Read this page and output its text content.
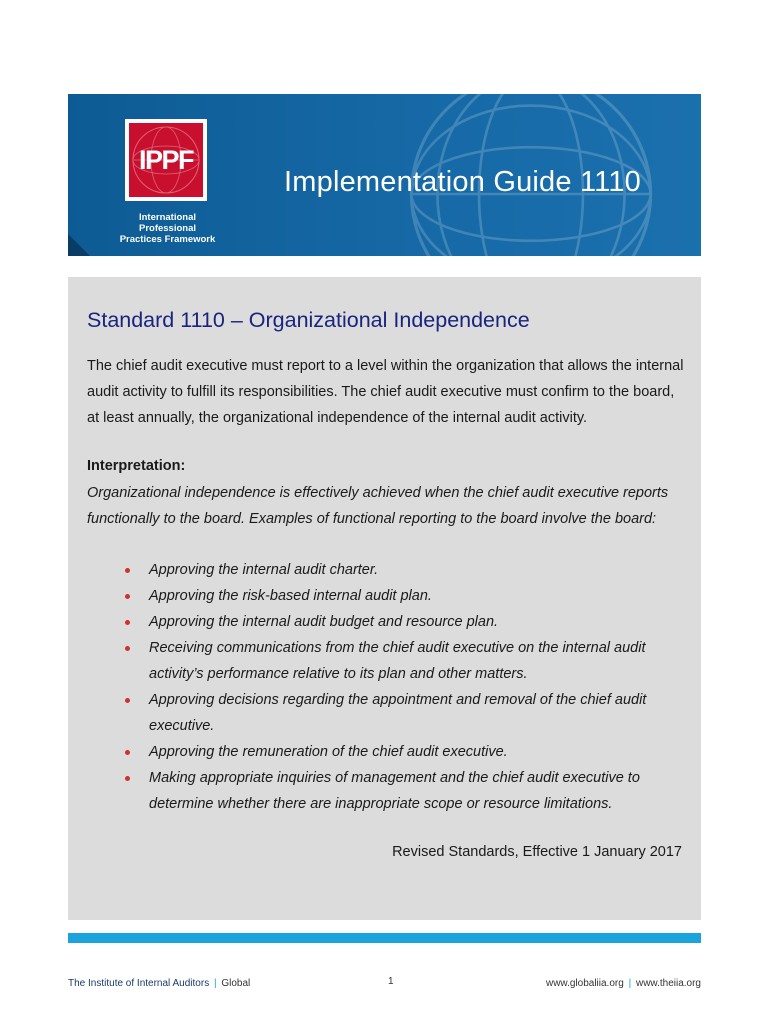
IPPF
International Professional
Practices Framework
Implementation Guide 1110
Standard 1110 – Organizational Independence

The chief audit executive must report to a level within the organization that allows the internal audit activity to fulfill its responsibilities. The chief audit executive must confirm to the board, at least annually, the organizational independence of the internal audit activity.

Interpretation:

Organizational independence is effectively achieved when the chief audit executive reports functionally to the board. Examples of functional reporting to the board involve the board:

Approving the internal audit charter.
Approving the risk-based internal audit plan.
Approving the internal audit budget and resource plan.
Receiving communications from the chief audit executive on the internal audit activity’s performance relative to its plan and other matters.
Approving decisions regarding the appointment and removal of the chief audit executive.
Approving the remuneration of the chief audit executive.
Making appropriate inquiries of management and the chief audit executive to determine whether there are inappropriate scope or resource limitations.
Revised Standards, Effective 1 January 2017
The Institute of Internal Auditors | Global	1	www.globaliia.org | www.theiia.org
